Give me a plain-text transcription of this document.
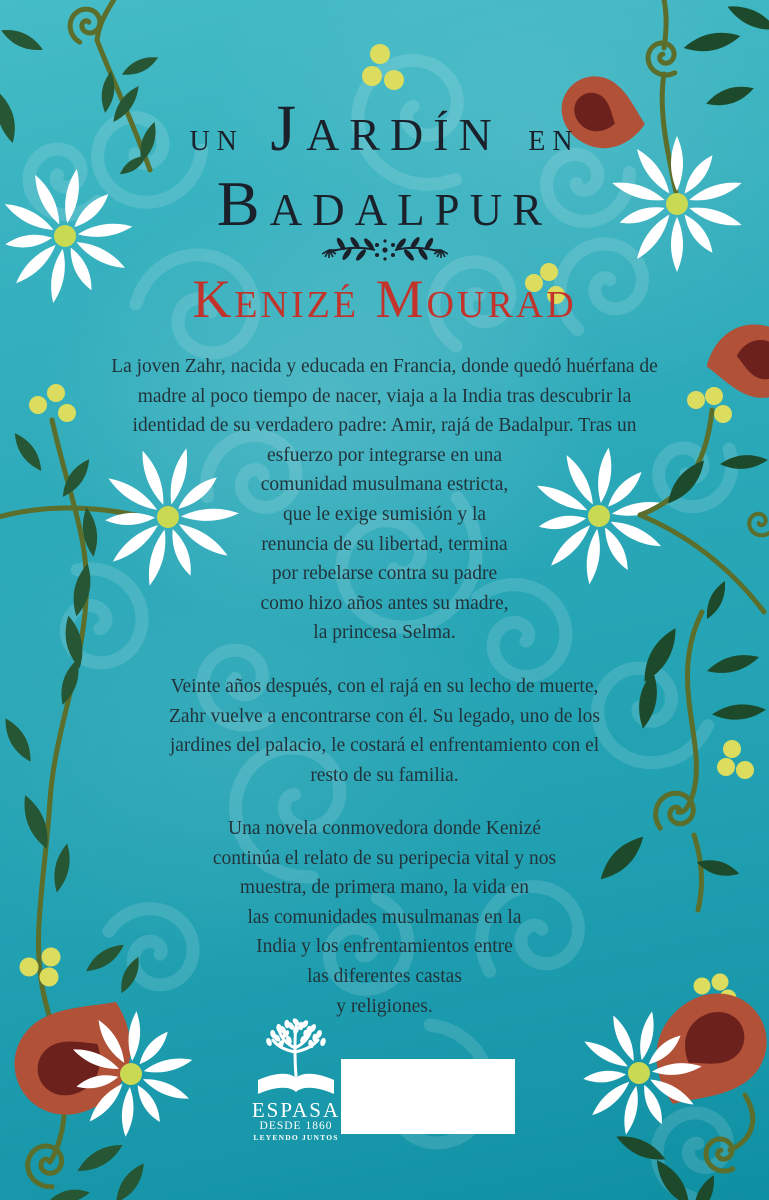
un Jardín en
Badalpur
Kenizé Mourad
La joven Zahr, nacida y educada en Francia, donde quedó huérfana de
madre al poco tiempo de nacer, viaja a la India tras descubrir la
identidad de su verdadero padre: Amir, rajá de Badalpur. Tras un
esfuerzo por integrarse en una
comunidad musulmana estricta,
que le exige sumisión y la
renuncia de su libertad, termina
por rebelarse contra su padre
como hizo años antes su madre,
la princesa Selma.
Veinte años después, con el rajá en su lecho de muerte,
Zahr vuelve a encontrarse con él. Su legado, uno de los
jardines del palacio, le costará el enfrentamiento con el
resto de su familia.
Una novela conmovedora donde Kenizé
continúa el relato de su peripecia vital y nos
muestra, de primera mano, la vida en
las comunidades musulmanas en la
India y los enfrentamientos entre
las diferentes castas
y religiones.
ESPASA
DESDE 1860
LEYENDO JUNTOS
